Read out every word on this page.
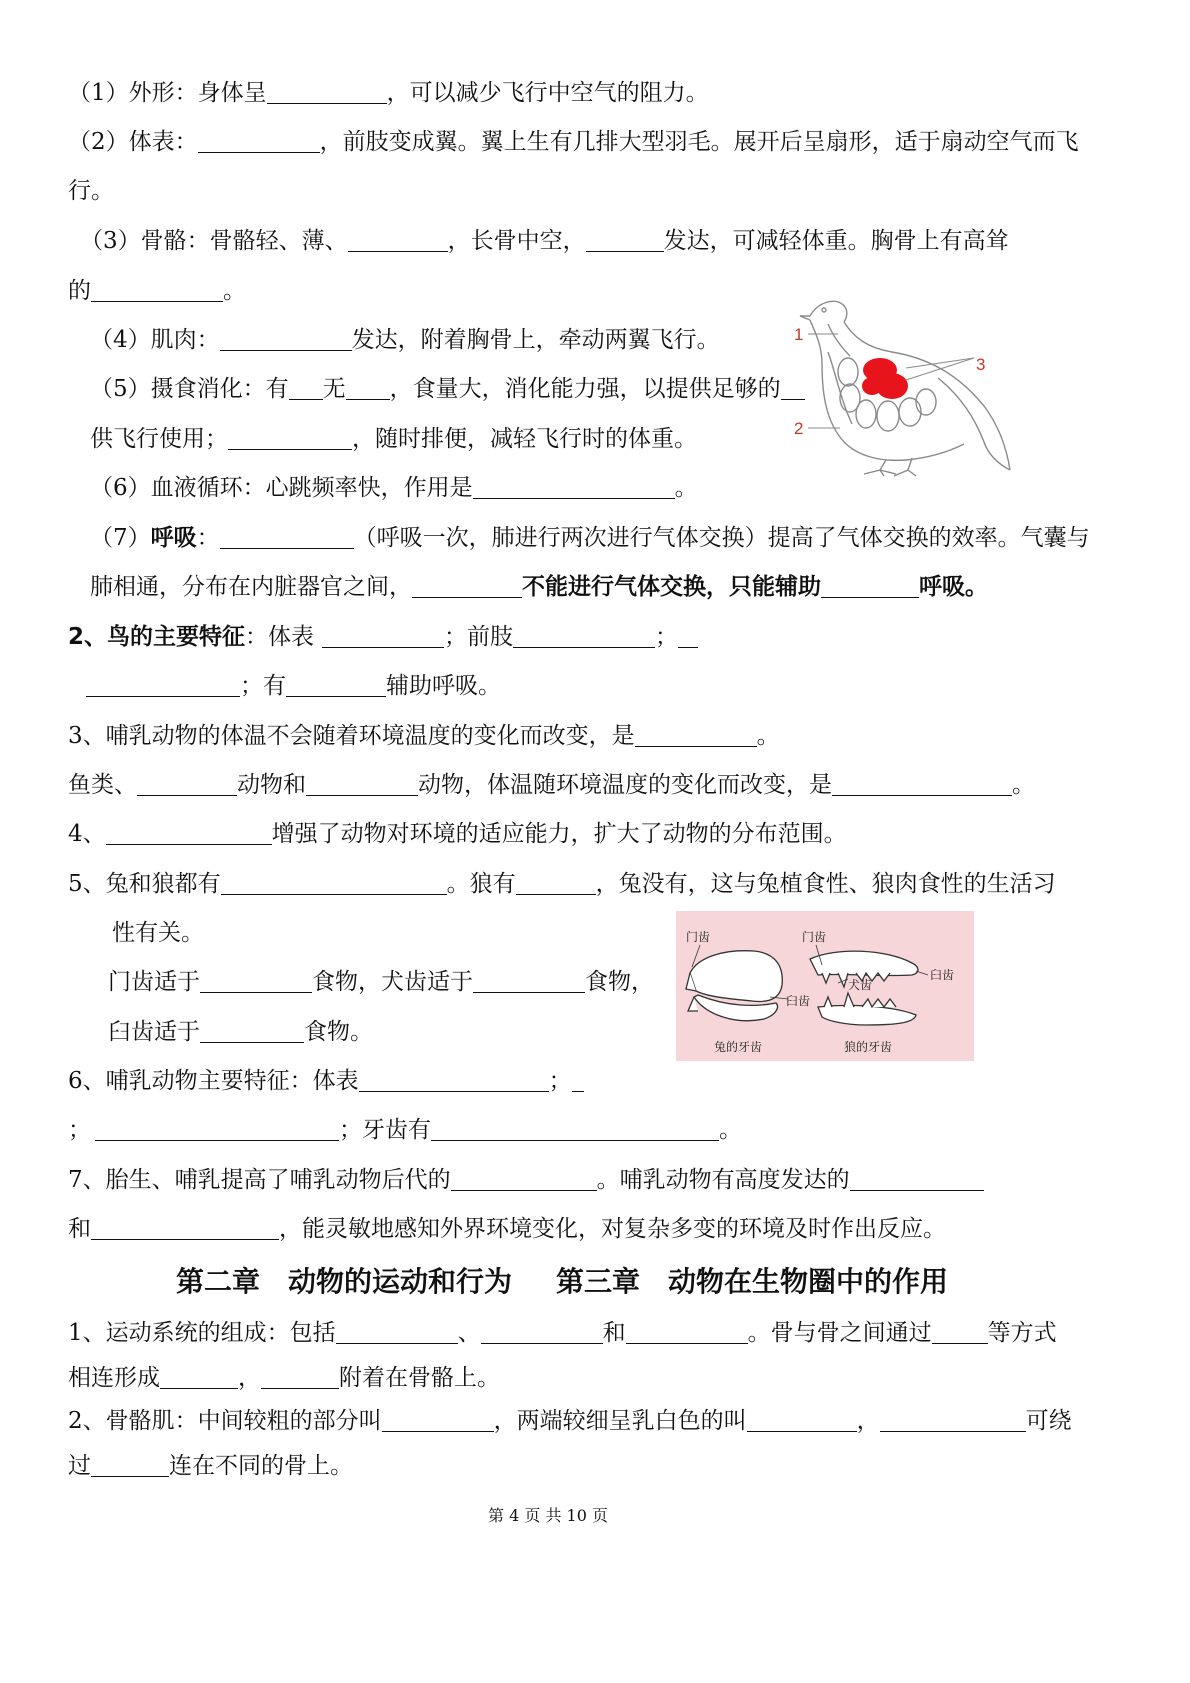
（1）外形：身体呈	，可以减少飞行中空气的阻力。
（2）体表：	，前肢变成翼。翼上生有几排大型羽毛。展开后呈扇形，适于扇动空气而飞
行。
（3）骨骼：骨骼轻、薄、	，长骨中空，	发达，可减轻体重。胸骨上有高耸
的	。
（4）肌肉：	发达，附着胸骨上，牵动两翼飞行。
（5）摄食消化：有 无 ，食量大，消化能力强，以提供足够的
供飞行使用；	，随时排便，减轻飞行时的体重。
（6）血液循环：心跳频率快，作用是	。
（7）呼吸：	（呼吸一次，肺进行两次进行气体交换）提高了气体交换的效率。气囊与
肺相通，分布在内脏器官之间，	不能进行气体交换，只能辅助	呼吸。
2、鸟的主要特征：体表	；前肢	；
；有	辅助呼吸。
3、哺乳动物的体温不会随着环境温度的变化而改变，是	。
鱼类、	动物和	动物，体温随环境温度的变化而改变，是	。
4、	增强了动物对环境的适应能力，扩大了动物的分布范围。
5、兔和狼都有	。狼有	，兔没有，这与兔植食性、狼肉食性的生活习
性有关。
门齿适于	食物，犬齿适于	食物，
臼齿适于	食物。
6、哺乳动物主要特征：体表	；
；	；牙齿有	。
7、胎生、哺乳提高了哺乳动物后代的	。哺乳动物有高度发达的
和	，能灵敏地感知外界环境变化，对复杂多变的环境及时作出反应。
第二章　动物的运动和行为 第三章　动物在生物圈中的作用
1、运动系统的组成：包括	、	和	。骨与骨之间通过 等方式
相连形成	，	附着在骨骼上。
2、骨骼肌：中间较粗的部分叫	，两端较细呈乳白色的叫	，	可绕
过	连在不同的骨上。
1
2
3
门齿
臼齿
兔的牙齿
门齿
犬齿
臼齿
狼的牙齿
第 4 页 共 10 页
